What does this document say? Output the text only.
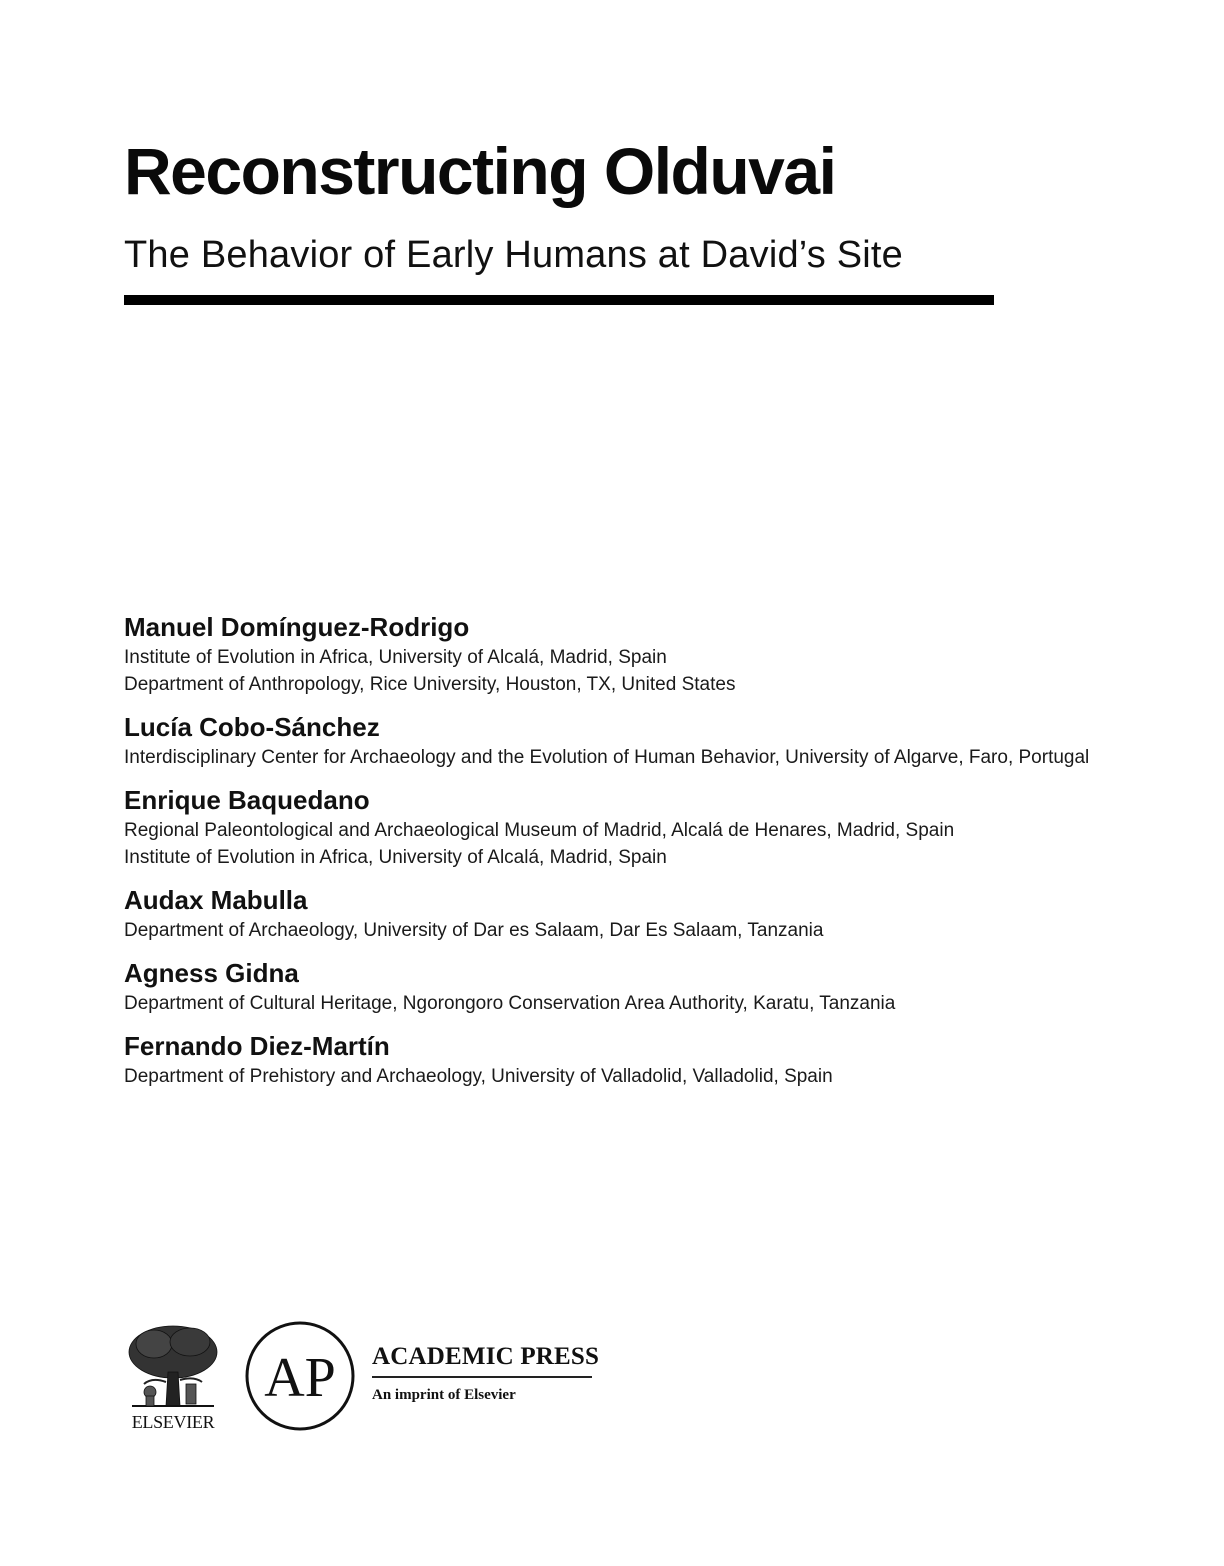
Reconstructing Olduvai
The Behavior of Early Humans at David’s Site
Manuel Domínguez-Rodrigo
Institute of Evolution in Africa, University of Alcalá, Madrid, Spain
Department of Anthropology, Rice University, Houston, TX, United States
Lucía Cobo-Sánchez
Interdisciplinary Center for Archaeology and the Evolution of Human Behavior, University of Algarve, Faro, Portugal
Enrique Baquedano
Regional Paleontological and Archaeological Museum of Madrid, Alcalá de Henares, Madrid, Spain
Institute of Evolution in Africa, University of Alcalá, Madrid, Spain
Audax Mabulla
Department of Archaeology, University of Dar es Salaam, Dar Es Salaam, Tanzania
Agness Gidna
Department of Cultural Heritage, Ngorongoro Conservation Area Authority, Karatu, Tanzania
Fernando Diez-Martín
Department of Prehistory and Archaeology, University of Valladolid, Valladolid, Spain
ELSEVIER
AP ACADEMIC PRESS
An imprint of Elsevier
